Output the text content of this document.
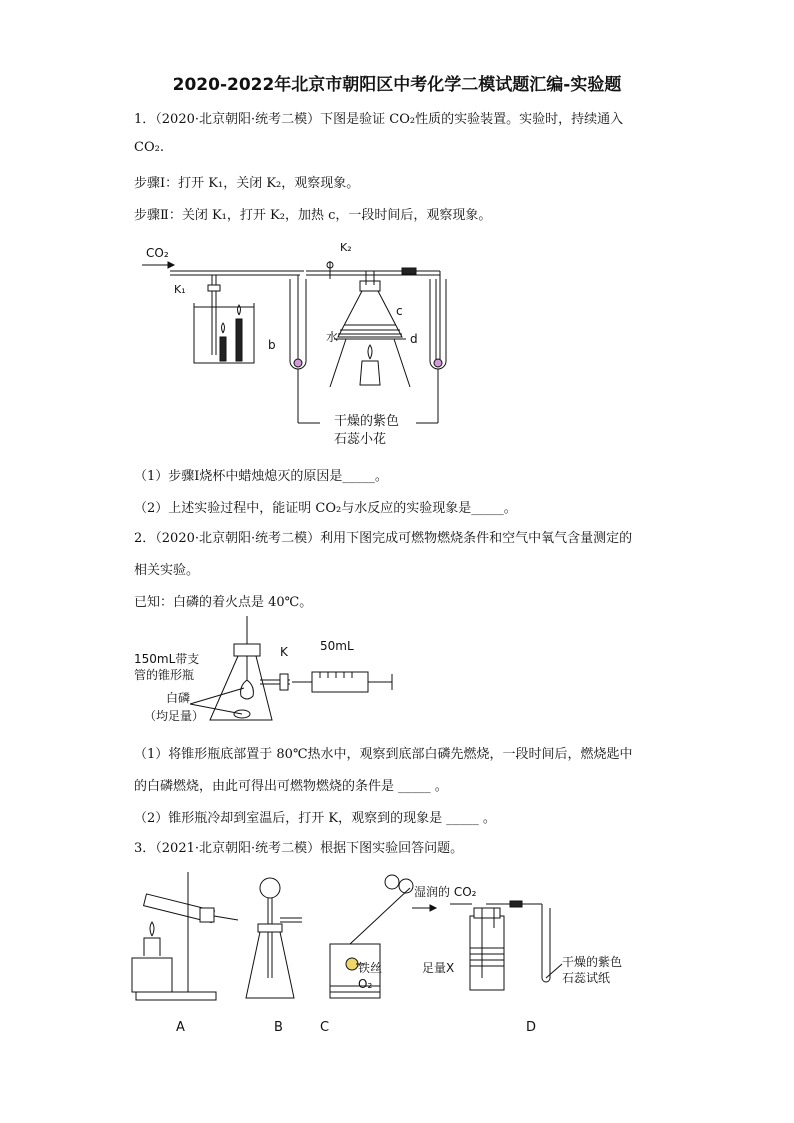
2020-2022年北京市朝阳区中考化学二模试题汇编-实验题
1．（2020·北京朝阳·统考二模）下图是验证 CO₂性质的实验装置。实验时，持续通入
CO₂.
步骤Ⅰ：打开 K₁，关闭 K₂，观察现象。
步骤Ⅱ：关闭 K₁，打开 K₂，加热 c，一段时间后，观察现象。
CO₂
K₁
K₂
b
c
d
水
干燥的紫色
石蕊小花
（1）步骤Ⅰ烧杯中蜡烛熄灭的原因是_____。
（2）上述实验过程中，能证明 CO₂与水反应的实验现象是_____。
2．（2020·北京朝阳·统考二模）利用下图完成可燃物燃烧条件和空气中氧气含量测定的
相关实验。
已知：白磷的着火点是 40℃。
150mL带支
管的锥形瓶
K	50mL
白磷
（均足量）
（1）将锥形瓶底部置于 80℃热水中，观察到底部白磷先燃烧，一段时间后，燃烧匙中
的白磷燃烧，由此可得出可燃物燃烧的条件是 _____ 。
（2）锥形瓶冷却到室温后，打开 K，观察到的现象是 _____ 。
3．（2021·北京朝阳·统考二模）根据下图实验回答问题。
湿润的 CO₂
铁丝
O₂
足量X	干燥的紫色
石蕊试纸
A	B	C	D
